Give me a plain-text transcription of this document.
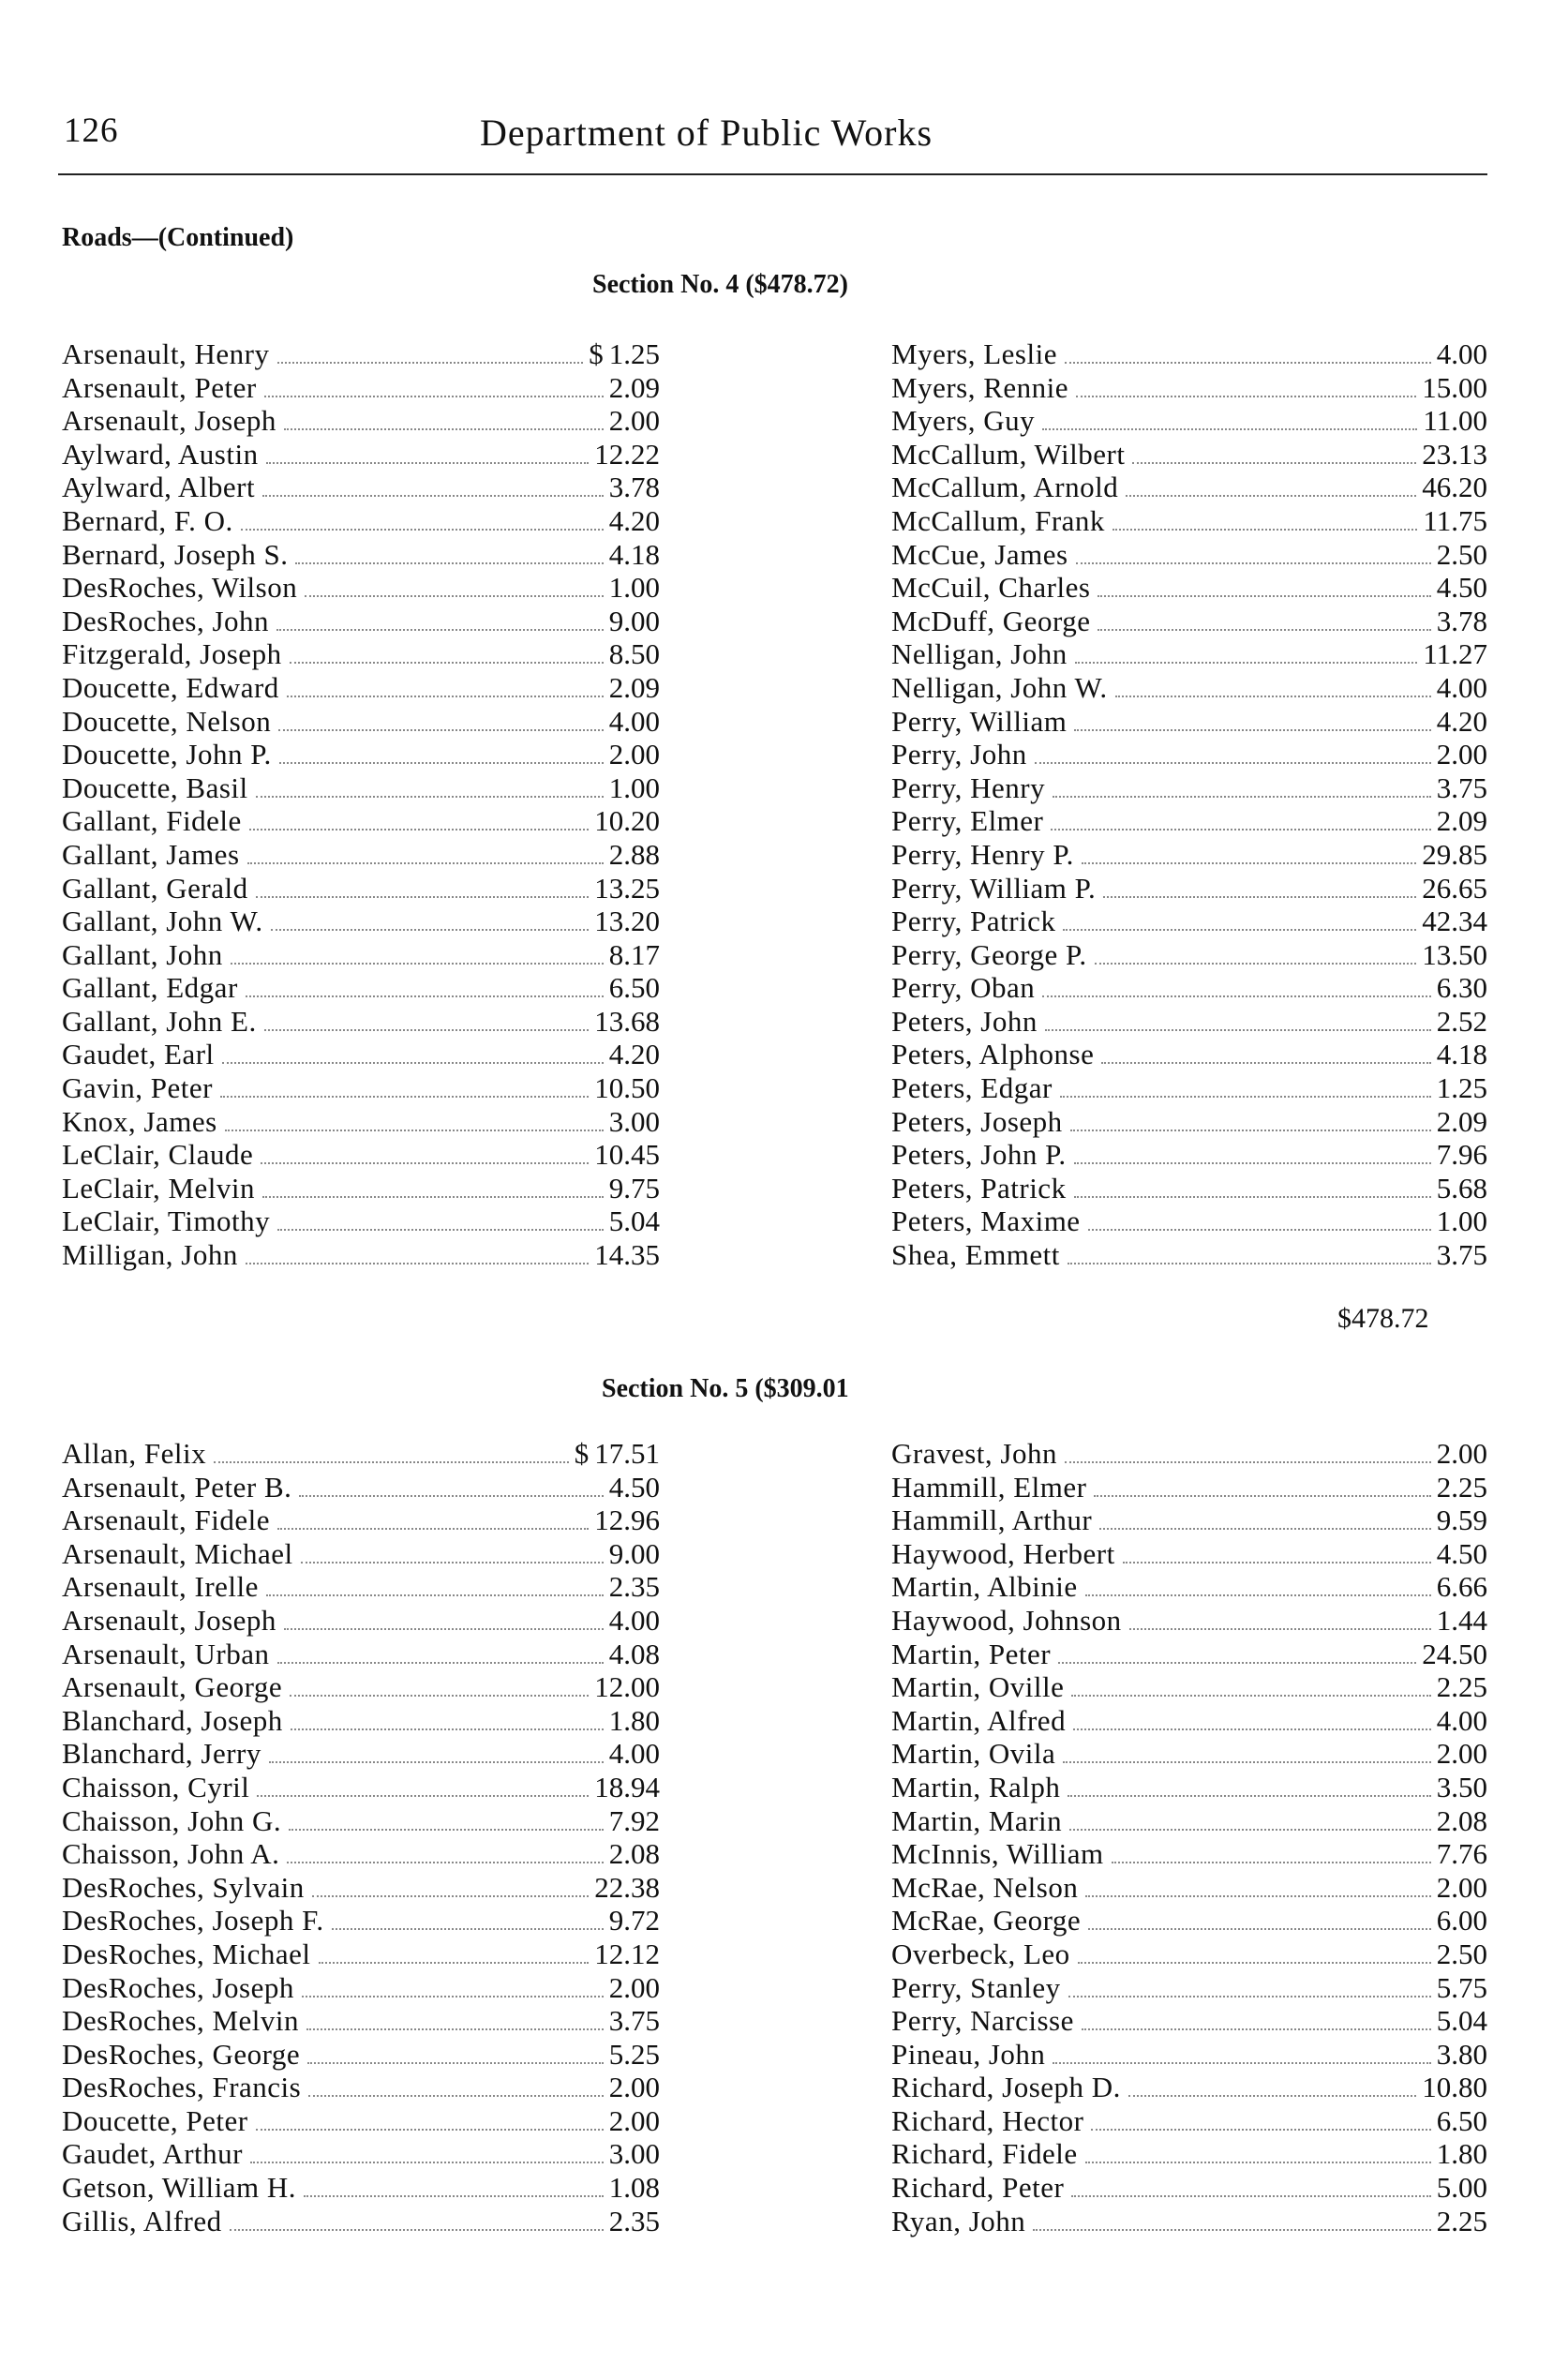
126	Department of Public Works
Roads—(Continued)
Section No. 4 ($478.72)
Arsenault, Henry	$ 1.25
Arsenault, Peter	2.09
Arsenault, Joseph	2.00
Aylward, Austin	12.22
Aylward, Albert	3.78
Bernard, F. O.	4.20
Bernard, Joseph S.	4.18
DesRoches, Wilson	1.00
DesRoches, John	9.00
Fitzgerald, Joseph	8.50
Doucette, Edward	2.09
Doucette, Nelson	4.00
Doucette, John P.	2.00
Doucette, Basil	1.00
Gallant, Fidele	10.20
Gallant, James	2.88
Gallant, Gerald	13.25
Gallant, John W.	13.20
Gallant, John	8.17
Gallant, Edgar	6.50
Gallant, John E.	13.68
Gaudet, Earl	4.20
Gavin, Peter	10.50
Knox, James	3.00
LeClair, Claude	10.45
LeClair, Melvin	9.75
LeClair, Timothy	5.04
Milligan, John	14.35
Myers, Leslie	4.00
Myers, Rennie	15.00
Myers, Guy	11.00
McCallum, Wilbert	23.13
McCallum, Arnold	46.20
McCallum, Frank	11.75
McCue, James	2.50
McCuil, Charles	4.50
McDuff, George	3.78
Nelligan, John	11.27
Nelligan, John W.	4.00
Perry, William	4.20
Perry, John	2.00
Perry, Henry	3.75
Perry, Elmer	2.09
Perry, Henry P.	29.85
Perry, William P.	26.65
Perry, Patrick	42.34
Perry, George P.	13.50
Perry, Oban	6.30
Peters, John	2.52
Peters, Alphonse	4.18
Peters, Edgar	1.25
Peters, Joseph	2.09
Peters, John P.	7.96
Peters, Patrick	5.68
Peters, Maxime	1.00
Shea, Emmett	3.75
$478.72
Section No. 5 ($309.01
Allan, Felix	$ 17.51
Arsenault, Peter B.	4.50
Arsenault, Fidele	12.96
Arsenault, Michael	9.00
Arsenault, Irelle	2.35
Arsenault, Joseph	4.00
Arsenault, Urban	4.08
Arsenault, George	12.00
Blanchard, Joseph	1.80
Blanchard, Jerry	4.00
Chaisson, Cyril	18.94
Chaisson, John G.	7.92
Chaisson, John A.	2.08
DesRoches, Sylvain	22.38
DesRoches, Joseph F.	9.72
DesRoches, Michael	12.12
DesRoches, Joseph	2.00
DesRoches, Melvin	3.75
DesRoches, George	5.25
DesRoches, Francis	2.00
Doucette, Peter	2.00
Gaudet, Arthur	3.00
Getson, William H.	1.08
Gillis, Alfred	2.35
Gravest, John	2.00
Hammill, Elmer	2.25
Hammill, Arthur	9.59
Haywood, Herbert	4.50
Martin, Albinie	6.66
Haywood, Johnson	1.44
Martin, Peter	24.50
Martin, Oville	2.25
Martin, Alfred	4.00
Martin, Ovila	2.00
Martin, Ralph	3.50
Martin, Marin	2.08
McInnis, William	7.76
McRae, Nelson	2.00
McRae, George	6.00
Overbeck, Leo	2.50
Perry, Stanley	5.75
Perry, Narcisse	5.04
Pineau, John	3.80
Richard, Joseph D.	10.80
Richard, Hector	6.50
Richard, Fidele	1.80
Richard, Peter	5.00
Ryan, John	2.25
